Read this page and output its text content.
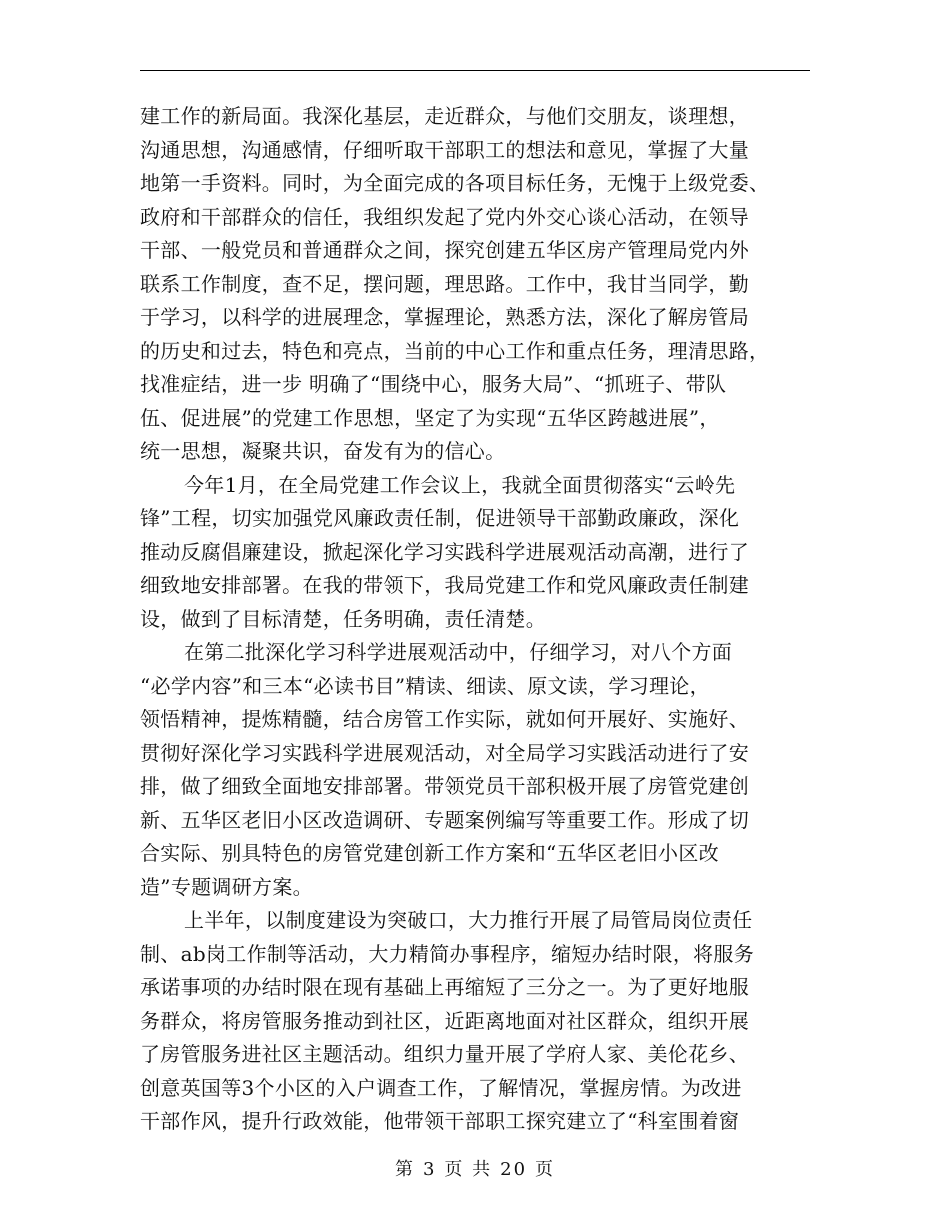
建工作的新局面。我深化基层，走近群众，与他们交朋友，谈理想，
沟通思想，沟通感情，仔细听取干部职工的想法和意见，掌握了大量
地第一手资料。同时，为全面完成的各项目标任务，无愧于上级党委、
政府和干部群众的信任，我组织发起了党内外交心谈心活动，在领导
干部、一般党员和普通群众之间，探究创建五华区房产管理局党内外
联系工作制度，查不足，摆问题，理思路。工作中，我甘当同学，勤
于学习，以科学的进展理念，掌握理论，熟悉方法，深化了解房管局
的历史和过去，特色和亮点，当前的中心工作和重点任务，理清思路，
找准症结，进一步 明确了“围绕中心，服务大局”、“抓班子、带队
伍、促进展”的党建工作思想，坚定了为实现“五华区跨越进展”，
统一思想，凝聚共识，奋发有为的信心。
今年1月，在全局党建工作会议上，我就全面贯彻落实“云岭先
锋”工程，切实加强党风廉政责任制，促进领导干部勤政廉政，深化
推动反腐倡廉建设，掀起深化学习实践科学进展观活动高潮，进行了
细致地安排部署。在我的带领下，我局党建工作和党风廉政责任制建
设，做到了目标清楚，任务明确，责任清楚。
在第二批深化学习科学进展观活动中，仔细学习，对八个方面
“必学内容”和三本“必读书目”精读、细读、原文读，学习理论，
领悟精神，提炼精髓，结合房管工作实际，就如何开展好、实施好、
贯彻好深化学习实践科学进展观活动，对全局学习实践活动进行了安
排，做了细致全面地安排部署。带领党员干部积极开展了房管党建创
新、五华区老旧小区改造调研、专题案例编写等重要工作。形成了切
合实际、别具特色的房管党建创新工作方案和“五华区老旧小区改
造”专题调研方案。
上半年，以制度建设为突破口，大力推行开展了局管局岗位责任
制、ab岗工作制等活动，大力精简办事程序，缩短办结时限，将服务
承诺事项的办结时限在现有基础上再缩短了三分之一。为了更好地服
务群众，将房管服务推动到社区，近距离地面对社区群众，组织开展
了房管服务进社区主题活动。组织力量开展了学府人家、美伦花乡、
创意英国等3个小区的入户调查工作，了解情况，掌握房情。为改进
干部作风，提升行政效能，他带领干部职工探究建立了“科室围着窗
第 3 页 共 20 页
